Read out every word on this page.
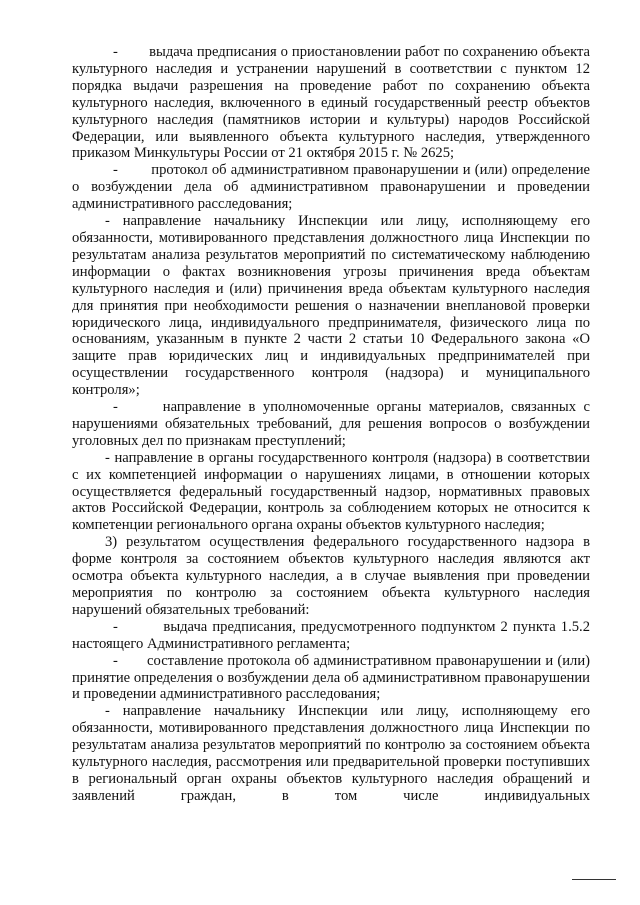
-        выдача предписания о приостановлении работ по сохранению объекта культурного наследия и устранении нарушений в соответствии с пунктом 12 порядка выдачи разрешения на проведение работ по сохранению объекта культурного наследия, включенного в единый государственный реестр объектов культурного наследия (памятников истории и культуры) народов Российской Федерации, или выявленного объекта культурного наследия, утвержденного приказом Минкультуры России от 21 октября 2015 г. № 2625;

-        протокол об административном правонарушении и (или) определение о возбуждении дела об административном правонарушении и проведении административного расследования;

- направление начальнику Инспекции или лицу, исполняющему его обязанности, мотивированного представления должностного лица Инспекции по результатам анализа результатов мероприятий по систематическому наблюдению информации о фактах возникновения угрозы причинения вреда объектам культурного наследия и (или) причинения вреда объектам культурного наследия для принятия при необходимости решения о назначении внеплановой проверки юридического лица, индивидуального предпринимателя, физического лица по основаниям, указанным в пункте 2 части 2 статьи 10 Федерального закона «О защите прав юридических лиц и индивидуальных предпринимателей при осуществлении государственного контроля (надзора) и муниципального контроля»;

-      направление в уполномоченные органы материалов, связанных с нарушениями обязательных требований, для решения вопросов о возбуждении уголовных дел по признакам преступлений;

- направление в органы государственного контроля (надзора) в соответствии с их компетенцией информации о нарушениях лицами, в отношении которых осуществляется федеральный государственный надзор, нормативных правовых актов Российской Федерации, контроль за соблюдением которых не относится к компетенции регионального органа охраны объектов культурного наследия;

3) результатом осуществления федерального государственного надзора в форме контроля за состоянием объектов культурного наследия являются акт осмотра объекта культурного наследия, а в случае выявления при проведении мероприятия по контролю за состоянием объекта культурного наследия нарушений обязательных требований:

-         выдача предписания, предусмотренного подпунктом 2 пункта 1.5.2 настоящего Административного регламента;

-       составление протокола об административном правонарушении и (или) принятие определения о возбуждении дела об административном правонарушении и проведении административного расследования;

- направление начальнику Инспекции или лицу, исполняющему его обязанности, мотивированного представления должностного лица Инспекции по результатам анализа результатов мероприятий по контролю за состоянием объекта культурного наследия, рассмотрения или предварительной проверки поступивших в региональный орган охраны объектов культурного наследия обращений и заявлений граждан, в том числе индивидуальных
